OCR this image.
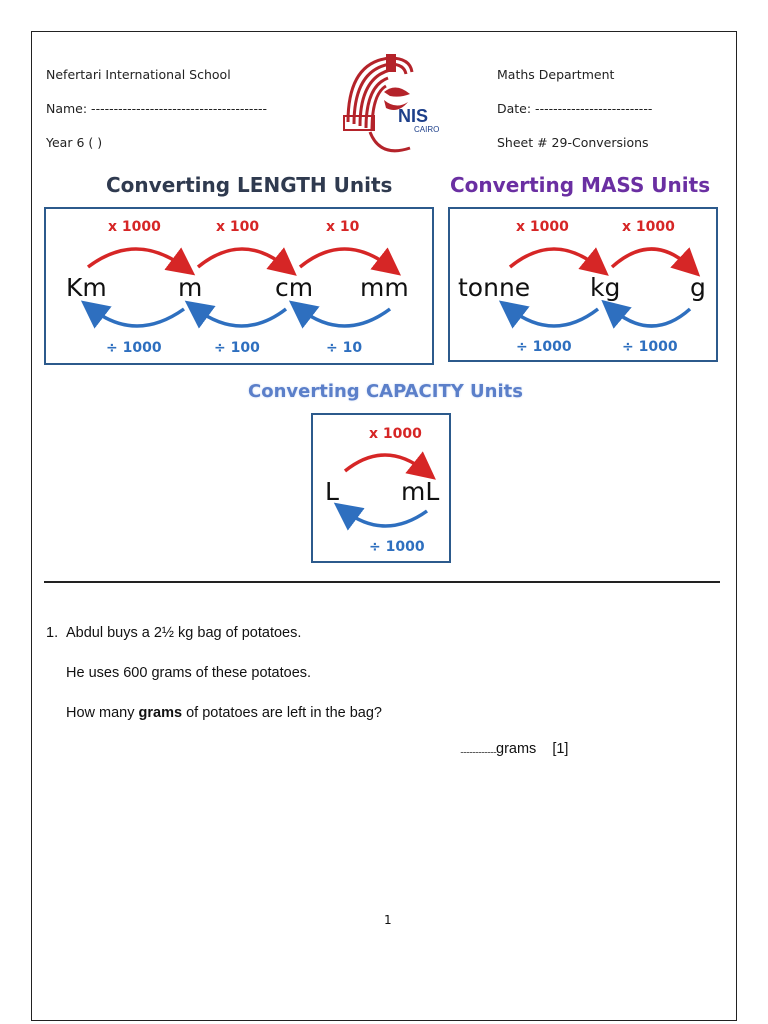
Nefertari International School
Name: ---------------------------------------
Year 6 ( )
Maths Department
Date: --------------------------
Sheet # 29-Conversions
NIS
CAIRO
Converting LENGTH Units	Converting MASS Units
Converting CAPACITY Units
x 1000	x 100	x 10
Km	m	cm mm
÷ 1000	÷ 100	÷ 10
x 1000	x 1000
tonne kg	g
÷ 1000	÷ 1000
x 1000
L mL
÷ 1000
1. Abdul buys a 2½ kg bag of potatoes.
He uses 600 grams of these potatoes.
How many grams of potatoes are left in the bag?
........................grams [1]
1
